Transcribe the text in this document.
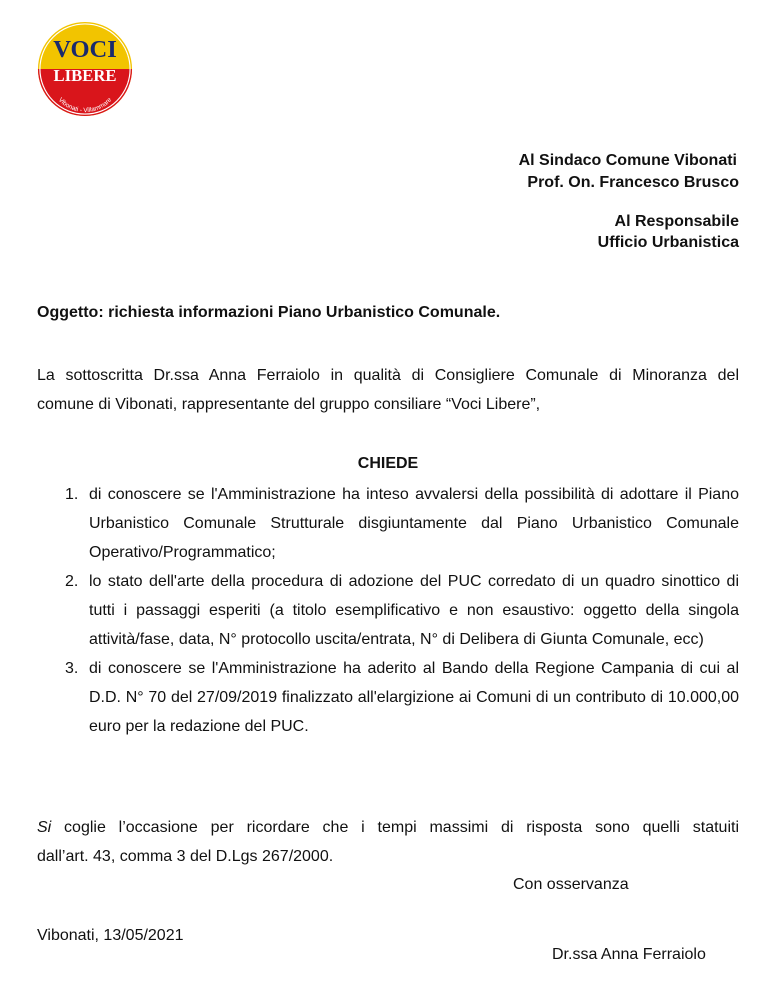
VOCI
LIBERE
Vibonati - Villammare
Al Sindaco Comune Vibonati
Prof. On. Francesco Brusco
Al Responsabile
Ufficio Urbanistica
Oggetto: richiesta informazioni Piano Urbanistico Comunale.
La sottoscritta Dr.ssa Anna Ferraiolo in qualità di Consigliere Comunale di Minoranza del
comune di Vibonati, rappresentante del gruppo consiliare “Voci Libere”,
CHIEDE
1. di conoscere se l'Amministrazione ha inteso avvalersi della possibilità di adottare il Piano Urbanistico Comunale Strutturale disgiuntamente dal Piano Urbanistico Comunale Operativo/Programmatico;
2. lo stato dell'arte della procedura di adozione del PUC corredato di un quadro sinottico di tutti i passaggi esperiti (a titolo esemplificativo e non esaustivo: oggetto della singola attività/fase, data, N° protocollo uscita/entrata, N° di Delibera di Giunta Comunale, ecc)
3. di conoscere se l'Amministrazione ha aderito al Bando della Regione Campania di cui al D.D. N° 70 del 27/09/2019 finalizzato all'elargizione ai Comuni di un contributo di 10.000,00 euro per la redazione del PUC.
Si coglie l’occasione per ricordare che i tempi massimi di risposta sono quelli statuiti
dall’art. 43, comma 3 del D.Lgs 267/2000.
Con osservanza
Vibonati, 13/05/2021
Dr.ssa Anna Ferraiolo
